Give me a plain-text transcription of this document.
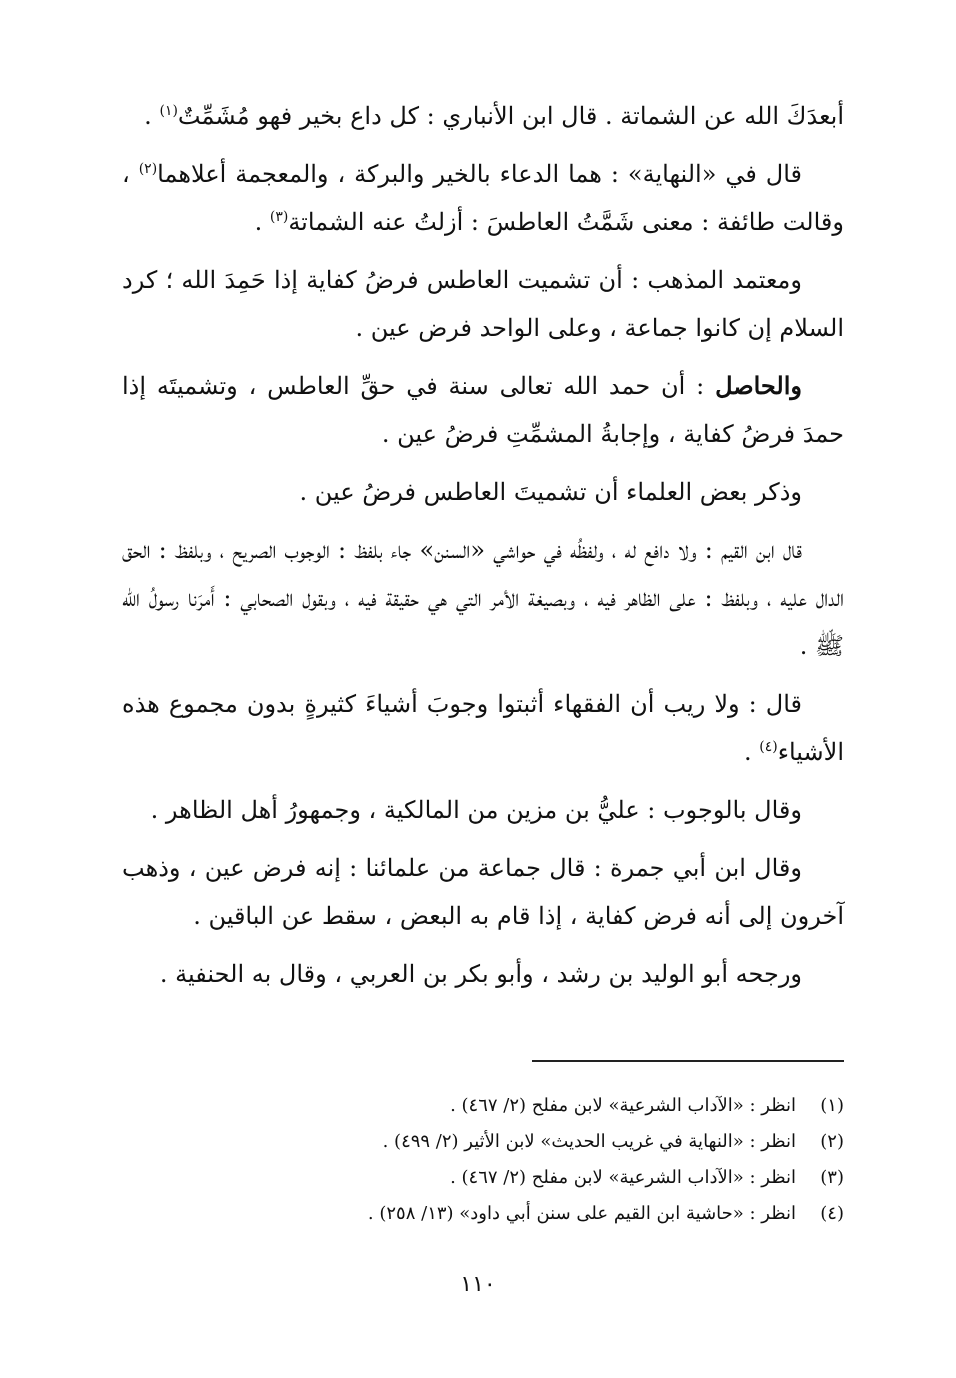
أبعدَكَ الله عن الشماتة . قال ابن الأنباري : كل داع بخير فهو مُشَمِّتٌ$^{(١)}$ .

قال في «النهاية» : هما الدعاء بالخير والبركة ، والمعجمة أعلاهما$^{(٢)}$ ، وقالت طائفة : معنى شَمَّتُ العاطسَ : أزلتُ عنه الشماتة$^{(٣)}$ .

ومعتمد المذهب : أن تشميت العاطس فرضُ كفاية إذا حَمِدَ الله ؛ كرد السلام إن كانوا جماعة ، وعلى الواحد فرض عين .

والحاصل : أن حمد الله تعالى سنة في حقِّ العاطس ، وتشميتَه إذا حمدَ فرضُ كفاية ، وإجابةُ المشمِّتِ فرضُ عين .

وذكر بعض العلماء أن تشميتَ العاطس فرضُ عين .

قال ابن القيم : ولا دافع له ، ولفظُه في حواشي «السنن» جاء بلفظ : الوجوب الصريح ، وبلفظ : الحق الدال عليه ، وبلفظ : على الظاهر فيه ، وبصيغة الأمر التي هي حقيقة فيه ، وبقول الصحابي : أَمرَنا رسولُ الله ﷺ .

قال : ولا ريب أن الفقهاء أثبتوا وجوبَ أشياءَ كثيرةٍ بدون مجموع هذه الأشياء$^{(٤)}$ .

وقال بالوجوب : عليُّ بن مزين من المالكية ، وجمهورُ أهل الظاهر .

وقال ابن أبي جمرة : قال جماعة من علمائنا : إنه فرض عين ، وذهب آخرون إلى أنه فرض كفاية ، إذا قام به البعض ، سقط عن الباقين .

ورجحه أبو الوليد بن رشد ، وأبو بكر بن العربي ، وقال به الحنفية .

(١)
انظر : «الآداب الشرعية» لابن مفلح (٢/ ٤٦٧) .
(٢)
انظر : «النهاية في غريب الحديث» لابن الأثير (٢/ ٤٩٩) .
(٣)
انظر : «الآداب الشرعية» لابن مفلح (٢/ ٤٦٧) .
(٤)
انظر : «حاشية ابن القيم على سنن أبي داود» (١٣/ ٢٥٨) .
١١٠
